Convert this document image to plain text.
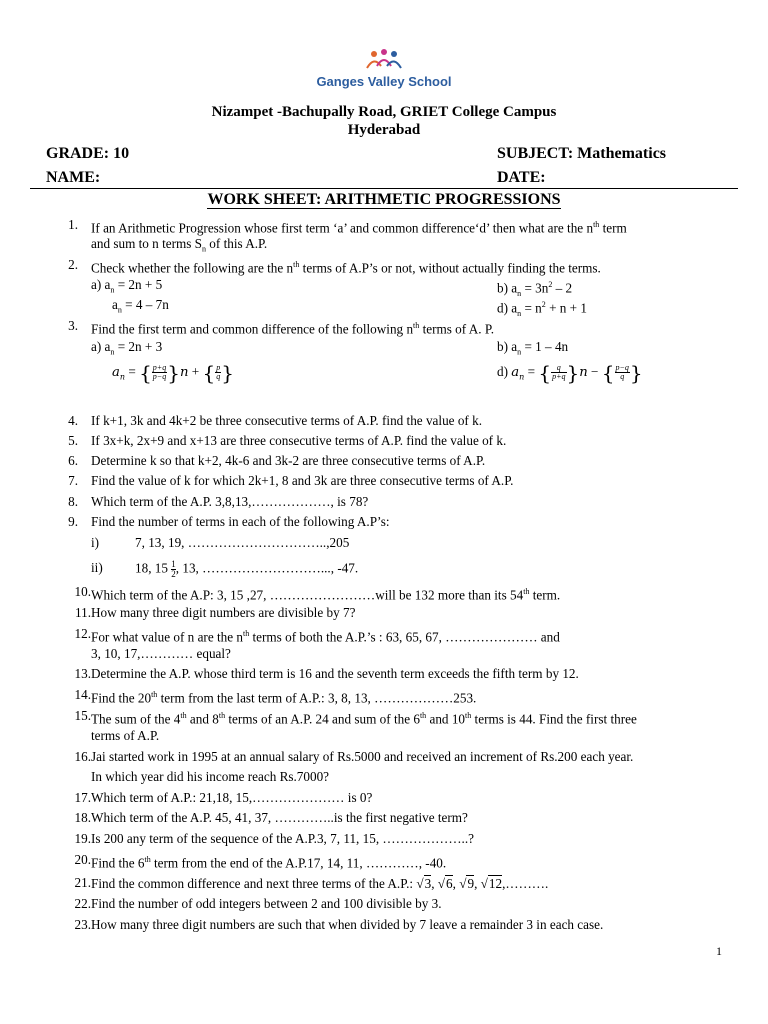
Ganges Valley School
Nizampet -Bachupally Road, GRIET College Campus
Hyderabad
GRADE: 10	SUBJECT: Mathematics
NAME:	DATE:
WORK SHEET: ARITHMETIC PROGRESSIONS
1. If an Arithmetic Progression whose first term ‘a’ and common difference‘d’ then what are the $n^{th}$ term
and sum to n terms $S_n$ of this A.P.
2. Check whether the following are the $n^{th}$ terms of A.P’s or not, without actually finding the terms.
a) $a_n = 2n + 5$	b) $a_n = 3n^2 - 2$
$a_n = 4 - 7n$	d) $a_n = n^2 + n + 1$
3. Find the first term and common difference of the following $n^{th}$ terms of A. P.
a) $a_n = 2n + 3$	b) $a_n = 1 - 4n$
$a_n$ = { $\frac{p+q}{p-q} \}n$ + { $\frac{p}{q}$ }	d) $a_n$ = { $\frac{q}{p+q} \}n$ − { $\frac{p-q}{q}$ }
4. If k+1, 3k and 4k+2 be three consecutive terms of A.P. find the value of k.
5. If 3x+k, 2x+9 and x+13 are three consecutive terms of A.P. find the value of k.
6. Determine k so that k+2, 4k-6 and 3k-2 are three consecutive terms of A.P.
7. Find the value of k for which 2k+1, 8 and 3k are three consecutive terms of A.P.
8. Which term of the A.P. 3,8,13,………………, is 78?
9. Find the number of terms in each of the following A.P’s:
i)	7, 13, 19, …………………………..,205
ii) 18, $15 \frac{1}{2}$, 13, ………………………..., -47.
10. Which term of the A.P: 3, 15 ,27, ……………………will be 132 more than its 54th term.
11. How many three digit numbers are divisible by 7?
12. For what value of n are the $n^{th}$ terms of both the A.P.’s : 63, 65, 67, ………………… and
3, 10, 17,………… equal?
13. Determine the A.P. whose third term is 16 and the seventh term exceeds the fifth term by 12.
14. Find the 20th term from the last term of A.P.: 3, 8, 13, ………………253.
15. The sum of the 4th and 8th terms of an A.P. 24 and sum of the 6th and 10th terms is 44. Find the first three
terms of A.P.
16. Jai started work in 1995 at an annual salary of Rs.5000 and received an increment of Rs.200 each year.
In which year did his income reach Rs.7000?
17. Which term of A.P.: 21,18, 15,………………… is 0?
18. Which term of the A.P. 45, 41, 37, …………..is the first negative term?
19. Is 200 any term of the sequence of the A.P.3, 7, 11, 15, ………………..?
20. Find the 6th term from the end of the A.P.17, 14, 11, …………, -40.
21. Find the common difference and next three terms of the A.P.: √3, √6, √9, √12,……….
22. Find the number of odd integers between 2 and 100 divisible by 3.
23. How many three digit numbers are such that when divided by 7 leave a remainder 3 in each case.
1
